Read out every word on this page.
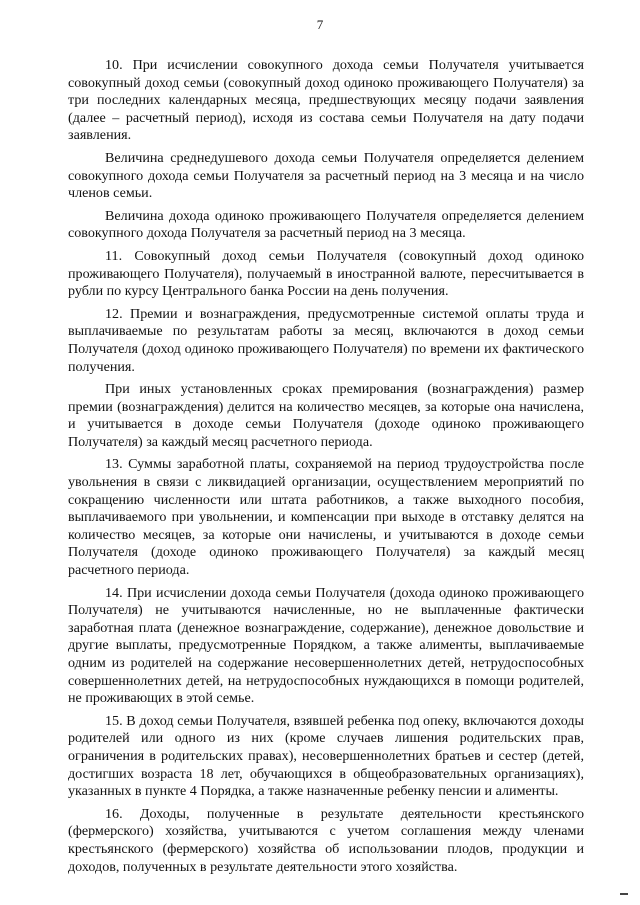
7

10. При исчислении совокупного дохода семьи Получателя учитывается совокупный доход семьи (совокупный доход одиноко проживающего Получателя) за три последних календарных месяца, предшествующих месяцу подачи заявления (далее – расчетный период), исходя из состава семьи Получателя на дату подачи заявления.

Величина среднедушевого дохода семьи Получателя определяется делением совокупного дохода семьи Получателя за расчетный период на 3 месяца и на число членов семьи.

Величина дохода одиноко проживающего Получателя определяется делением совокупного дохода Получателя за расчетный период на 3 месяца.

11. Совокупный доход семьи Получателя (совокупный доход одиноко проживающего Получателя), получаемый в иностранной валюте, пересчитывается в рубли по курсу Центрального банка России на день получения.

12. Премии и вознаграждения, предусмотренные системой оплаты труда и выплачиваемые по результатам работы за месяц, включаются в доход семьи Получателя (доход одиноко проживающего Получателя) по времени их фактического получения.

При иных установленных сроках премирования (вознаграждения) размер премии (вознаграждения) делится на количество месяцев, за которые она начислена, и учитывается в доходе семьи Получателя (доходе одиноко проживающего Получателя) за каждый месяц расчетного периода.

13. Суммы заработной платы, сохраняемой на период трудоустройства после увольнения в связи с ликвидацией организации, осуществлением мероприятий по сокращению численности или штата работников, а также выходного пособия, выплачиваемого при увольнении, и компенсации при выходе в отставку делятся на количество месяцев, за которые они начислены, и учитываются в доходе семьи Получателя (доходе одиноко проживающего Получателя) за каждый месяц расчетного периода.

14. При исчислении дохода семьи Получателя (дохода одиноко проживающего Получателя) не учитываются начисленные, но не выплаченные фактически заработная плата (денежное вознаграждение, содержание), денежное довольствие и другие выплаты, предусмотренные Порядком, а также алименты, выплачиваемые одним из родителей на содержание несовершеннолетних детей, нетрудоспособных совершеннолетних детей, на нетрудоспособных нуждающихся в помощи родителей, не проживающих в этой семье.

15. В доход семьи Получателя, взявшей ребенка под опеку, включаются доходы родителей или одного из них (кроме случаев лишения родительских прав, ограничения в родительских правах), несовершеннолетних братьев и сестер (детей, достигших возраста 18 лет, обучающихся в общеобразовательных организациях), указанных в пункте 4 Порядка, а также назначенные ребенку пенсии и алименты.

16. Доходы, полученные в результате деятельности крестьянского (фермерского) хозяйства, учитываются с учетом соглашения между членами крестьянского (фермерского) хозяйства об использовании плодов, продукции и доходов, полученных в результате деятельности этого хозяйства.
